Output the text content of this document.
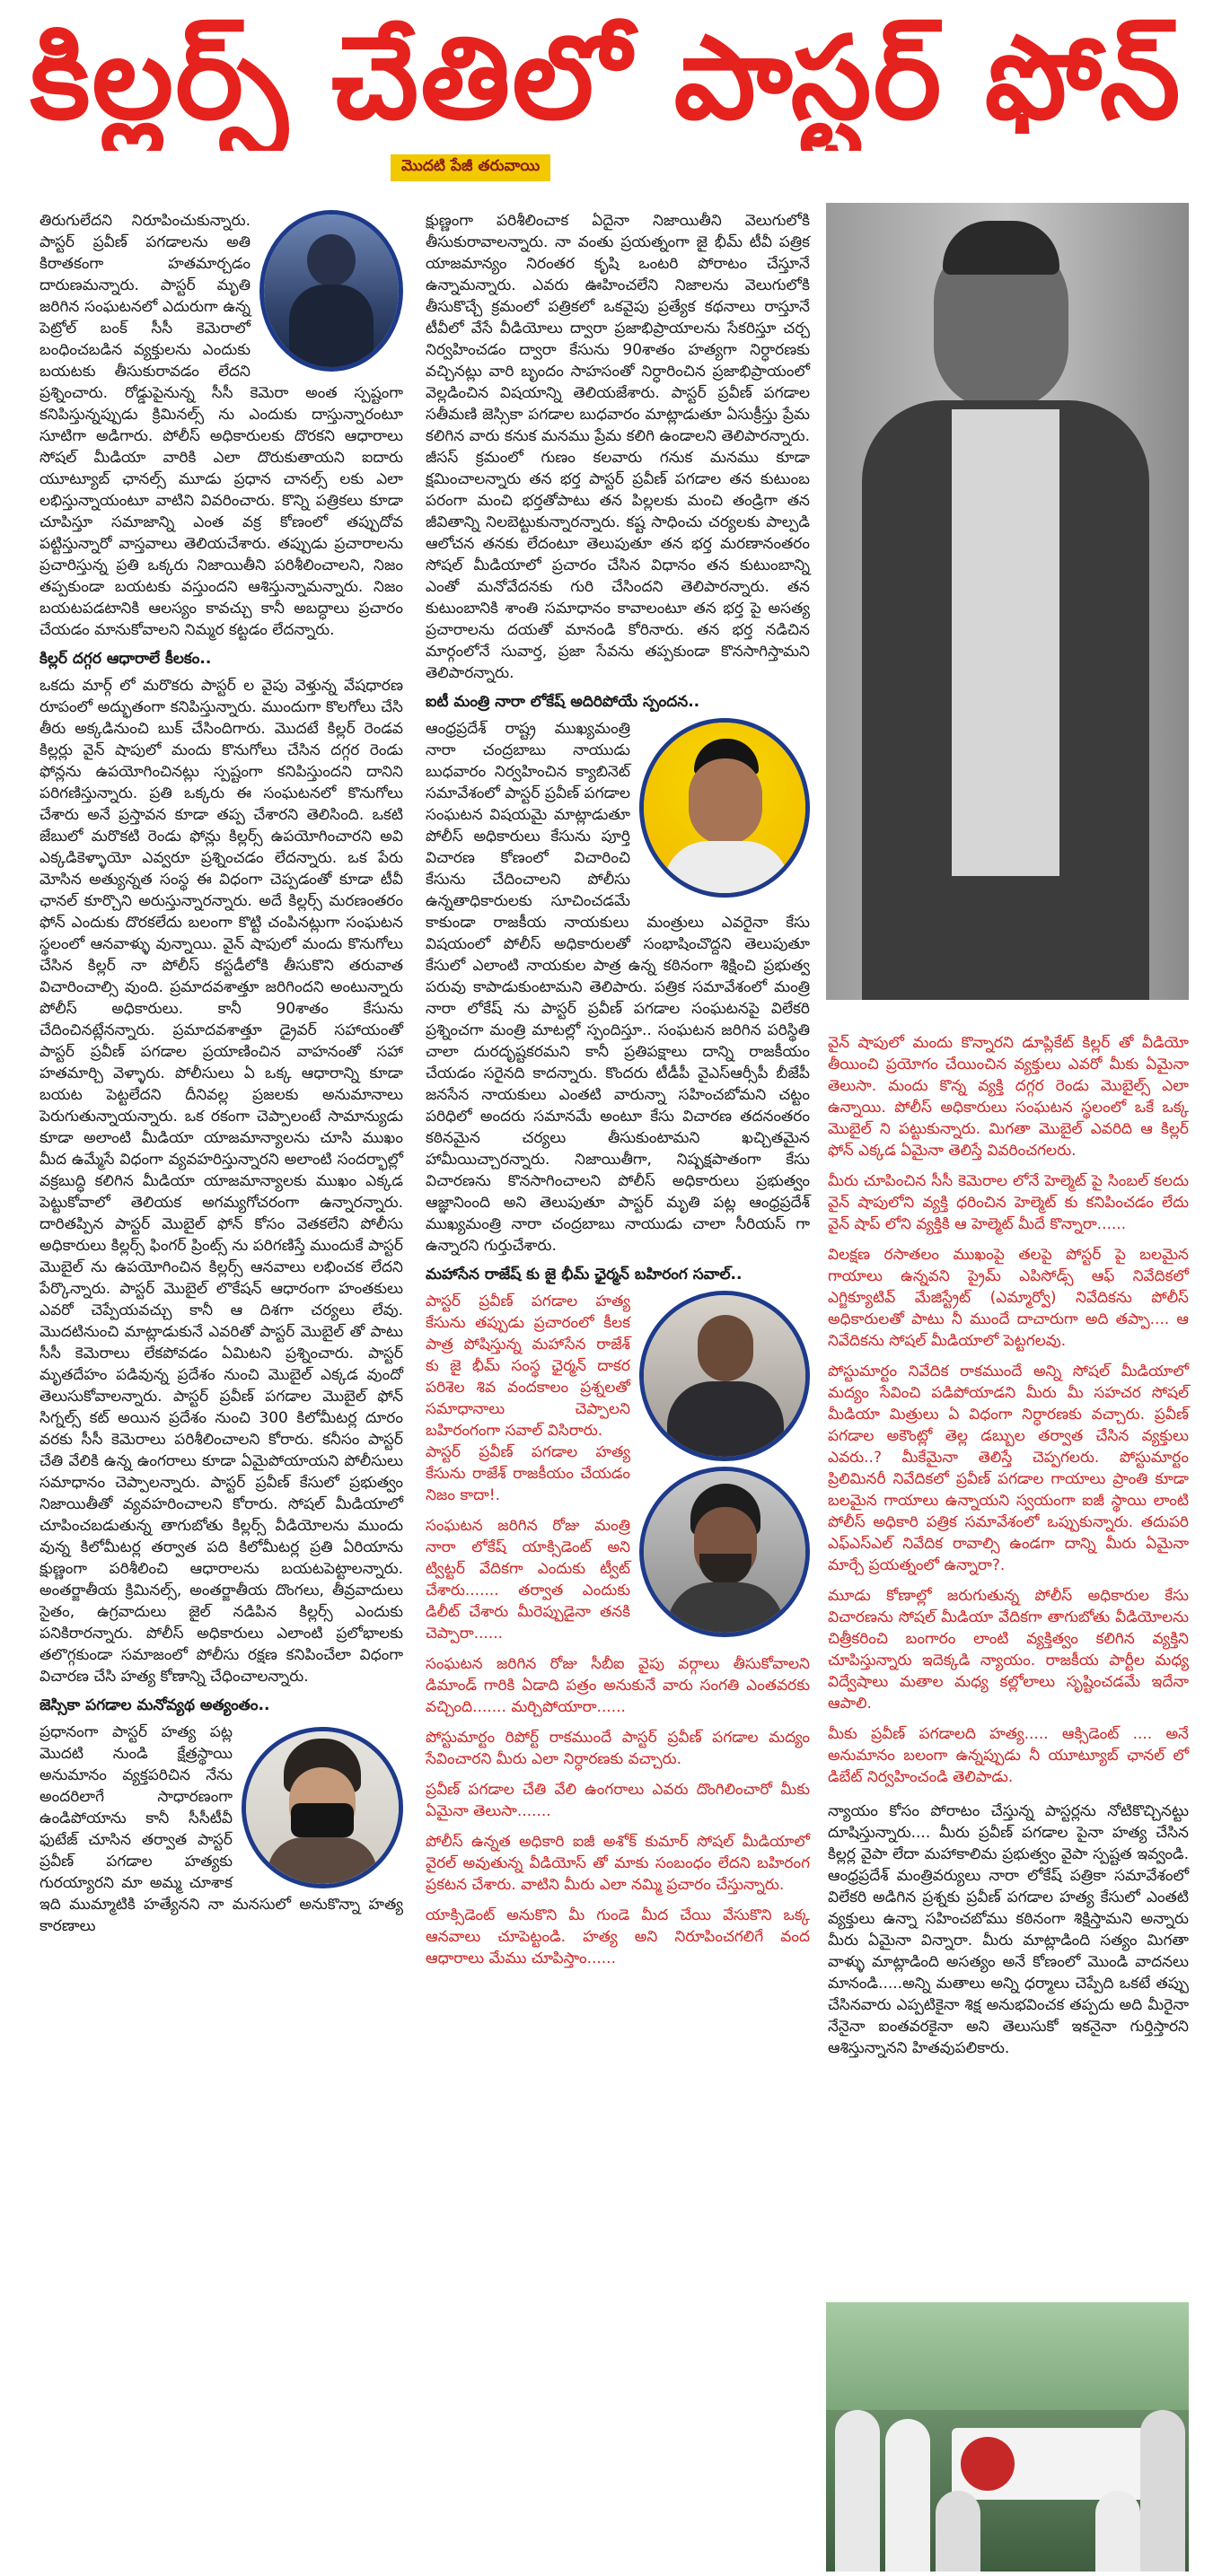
కిల్లర్స్ చేతిలో పాస్టర్ ఫోన్
మొదటి పేజీ తరువాయి

తిరుగులేదని నిరూపించుకున్నారు. పాస్టర్ ప్రవీణ్ పగడాలను అతి కిరాతకంగా హతమార్చడం దారుణమన్నారు. పాస్టర్ మృతి జరిగిన సంఘటనలో ఎదురుగా ఉన్న పెట్రోల్ బంక్ సీసీ కెమెరాలో బంధించబడిన వ్యక్తులను ఎందుకు బయటకు తీసుకురావడం లేదని ప్రశ్నించారు. రోడ్డుపైనున్న సీసీ కెమెరా అంత స్పష్టంగా కనిపిస్తున్నప్పుడు క్రిమినల్స్ ను ఎందుకు దాస్తున్నారంటూ సూటిగా అడిగారు. పోలీస్ అధికారులకు దొరకని ఆధారాలు సోషల్ మీడియా వారికి ఎలా దొరుకుతాయని ఐదారు యూట్యూబ్ ఛానల్స్ మూడు ప్రధాన చానల్స్ లకు ఎలా లభిస్తున్నాయంటూ వాటిని వివరించారు. కొన్ని పత్రికలు కూడా చూపిస్తూ సమాజాన్ని ఎంత వక్ర కోణంలో తప్పుదోవ పట్టిస్తున్నారో వాస్తవాలు తెలియచేశారు. తప్పుడు ప్రచారాలను ప్రచారిస్తున్న ప్రతి ఒక్కరు నిజాయితీని పరిశీలించాలని, నిజం తప్పకుండా బయటకు వస్తుందని ఆశిస్తున్నామన్నారు. నిజం బయటపడటానికి ఆలస్యం కావచ్చు కానీ అబద్ధాలు ప్రచారం చేయడం మానుకోవాలని నిమ్మర కట్టడం లేదన్నారు.

కిల్లర్ దగ్గర ఆధారాలే కీలకం..

ఒకదు మార్గ్ లో మరొకరు పాస్టర్ ల వైపు వెళ్తున్న వేషధారణ రూపంలో అద్భుతంగా కనిపిస్తున్నారు. ముందుగా కొలగోలు చేసి తీరు అక్కడినుంచి బుక్ చేసిందిగారు. మొదటే కిల్లర్ రెండవ కిల్లర్లు వైన్ షాపులో మందు కొనుగోలు చేసిన దగ్గర రెండు ఫోన్లను ఉపయోగించినట్లు స్పష్టంగా కనిపిస్తుందని దానిని పరిగణిస్తున్నారు. ప్రతి ఒక్కరు ఈ సంఘటనలో కొనుగోలు చేశారు అనే ప్రస్తావన కూడా తప్ప చేశారని తెలిసింది. ఒకటి జేబులో మరొకటి రెండు ఫోన్లు కిల్లర్స్ ఉపయోగించారని అవి ఎక్కడికెళ్ళాయో ఎవ్వరూ ప్రశ్నించడం లేదన్నారు. ఒక పేరు మోసిన అత్యున్నత సంస్థ ఈ విధంగా చెప్పడంతో కూడా టీవీ ఛానల్ కూర్చొని అరుస్తున్నారన్నారు. అదే కిల్లర్స్ మరణంతరం ఫోన్ ఎందుకు దొరకలేదు బలంగా కొట్టి చంపినట్లుగా సంఘటన స్థలంలో ఆనవాళ్ళు వున్నాయి. వైన్ షాపులో మందు కొనుగోలు చేసిన కిల్లర్ నా పోలీస్ కస్టడీలోకి తీసుకొని తరువాత విచారించాల్సి వుంది. ప్రమాదవశాత్తూ జరిగిందని అంటున్నారు పోలీస్ అధికారులు. కానీ 90శాతం కేసును చేదించినట్లేనన్నారు. ప్రమాదవశాత్తూ డ్రైవర్ సహాయంతో పాస్టర్ ప్రవీణ్ పగడాల ప్రయాణించిన వాహనంతో సహా హతమార్చి వెళ్ళారు. పోలీసులు ఏ ఒక్క ఆధారాన్ని కూడా బయట పెట్టలేదని దీనివల్ల ప్రజలకు అనుమానాలు పెరుగుతున్నాయన్నారు. ఒక రకంగా చెప్పాలంటే సామాన్యుడు కూడా అలాంటి మీడియా యాజమాన్యాలను చూసి ముఖం మీద ఉమ్మేసే విధంగా వ్యవహరిస్తున్నారని అలాంటి సందర్భాల్లో వక్రబుద్ధి కలిగిన మీడియా యాజమాన్యాలకు ముఖం ఎక్కడ పెట్టుకోవాలో తెలియక అగమ్యగోచరంగా ఉన్నారన్నారు. దారితప్పిన పాస్టర్ మొబైల్ ఫోన్ కోసం వెతకలేని పోలీసు అధికారులు కిల్లర్స్ ఫింగర్ ప్రింట్స్ ను పరిగణిస్తే ముందుకే పాస్టర్ మొబైల్ ను ఉపయోగించిన కిల్లర్స్ ఆనవాలు లభించక లేదని పేర్కొన్నారు. పాస్టర్ మొబైల్ లొకేషన్ ఆధారంగా హంతకులు ఎవరో చెప్పేయవచ్చు కానీ ఆ దిశగా చర్యలు లేవు. మొదటినుంచి మాట్లాడుకునే ఎవరితో పాస్టర్ మొబైల్ తో పాటు సీసీ కెమెరాలు లేకపోవడం ఏమిటని ప్రశ్నించారు. పాస్టర్ మృతదేహం పడివున్న ప్రదేశం నుంచి మొబైల్ ఎక్కడ వుందో తెలుసుకోవాలన్నారు. పాస్టర్ ప్రవీణ్ పగడాల మొబైల్ ఫోన్ సిగ్నల్స్ కట్ అయిన ప్రదేశం నుంచి 300 కిలోమీటర్ల దూరం వరకు సీసీ కెమెరాలు పరిశీలించాలని కోరారు. కనీసం పాస్టర్ చేతి వేలికి ఉన్న ఉంగరాలు కూడా ఏమైపోయాయని పోలీసులు సమాధానం చెప్పాలన్నారు. పాస్టర్ ప్రవీణ్ కేసులో ప్రభుత్వం నిజాయితీతో వ్యవహరించాలని కోరారు. సోషల్ మీడియాలో చూపించబడుతున్న తాగుబోతు కిల్లర్స్ వీడియోలను ముందు వున్న కిలోమీటర్ల తర్వాత పది కిలోమీటర్ల ప్రతి ఏరియాను క్షుణ్ణంగా పరిశీలించి ఆధారాలను బయటపెట్టాలన్నారు. అంతర్జాతీయ క్రిమినల్స్, అంతర్జాతీయ దొంగలు, తీవ్రవాదులు సైతం, ఉగ్రవాదులు జైల్ నడిపిన కిల్లర్స్ ఎందుకు పనికిరారన్నారు. పోలీస్ అధికారులు ఎలాంటి ప్రలోభాలకు తలొగ్గకుండా సమాజంలో పోలీసు రక్షణ కనిపించేలా విధంగా విచారణ చేసి హత్య కోణాన్ని చేధించాలన్నారు.

జెస్సికా పగడాల మనోవ్యథ అత్యంతం..

ప్రధానంగా పాస్టర్ హత్య పట్ల మొదటి నుండి క్షేత్రస్థాయి అనుమానం వ్యక్తపరిచిన నేను అందరిలాగే సాధారణంగా ఉండిపోయాను కానీ సీసీటీవీ ఫుటేజ్ చూసిన తర్వాత పాస్టర్ ప్రవీణ్ పగడాల హత్యకు గురయ్యారని మా అమ్మ చూశాక ఇది ముమ్మాటికి హత్యేనని నా మనసులో అనుకొన్నా హత్య కారణాలు

క్షుణ్ణంగా పరిశీలించాక ఏదైనా నిజాయితీని వెలుగులోకి తీసుకురావాలన్నారు. నా వంతు ప్రయత్నంగా జై భీమ్ టీవీ పత్రిక యాజమాన్యం నిరంతర కృషి ఒంటరి పోరాటం చేస్తూనే ఉన్నామన్నారు. ఎవరు ఊహించలేని నిజాలను వెలుగులోకి తీసుకొచ్చే క్రమంలో పత్రికలో ఒకవైపు ప్రత్యేక కథనాలు రాస్తూనే టీవీలో వేసే వీడియోలు ద్వారా ప్రజాభిప్రాయాలను సేకరిస్తూ చర్చ నిర్వహించడం ద్వారా కేసును 90శాతం హత్యగా నిర్ధారణకు వచ్చినట్లు వారి బృందం సాహసంతో నిర్ధారించిన ప్రజాభిప్రాయంలో వెల్లడించిన విషయాన్ని తెలియజేశారు. పాస్టర్ ప్రవీణ్ పగడాల సతీమణి జెస్సికా పగడాల బుధవారం మాట్లాడుతూ ఏసుక్రీస్తు ప్రేమ కలిగిన వారు కనుక మనము ప్రేమ కలిగి ఉండాలని తెలిపారన్నారు. జీసస్ క్రమంలో గుణం కలవారు గనుక మనము కూడా క్షమించాలన్నారు తన భర్త పాస్టర్ ప్రవీణ్ పగడాల తన కుటుంబ పరంగా మంచి భర్తతోపాటు తన పిల్లలకు మంచి తండ్రిగా తన జీవితాన్ని నిలబెట్టుకున్నారన్నారు. కష్ట సాధించు చర్యలకు పాల్పడి ఆలోచన తనకు లేదంటూ తెలుపుతూ తన భర్త మరణానంతరం సోషల్ మీడియాలో ప్రచారం చేసిన విధానం తన కుటుంబాన్ని ఎంతో మనోవేదనకు గురి చేసిందని తెలిపారన్నారు. తన కుటుంబానికి శాంతి సమాధానం కావాలంటూ తన భర్త పై అసత్య ప్రచారాలను దయతో మానండి కోరినారు. తన భర్త నడిచిన మార్గంలోనే సువార్త, ప్రజా సేవను తప్పకుండా కొనసాగిస్తామని తెలిపారన్నారు.

ఐటీ మంత్రి నారా లోకేష్ అదిరిపోయే స్పందన..

ఆంధ్రప్రదేశ్ రాష్ట్ర ముఖ్యమంత్రి నారా చంద్రబాబు నాయుడు బుధవారం నిర్వహించిన క్యాబినెట్ సమావేశంలో పాస్టర్ ప్రవీణ్ పగడాల సంఘటన విషయమై మాట్లాడుతూ పోలీస్ అధికారులు కేసును పూర్తి విచారణ కోణంలో విచారించి కేసును చేదించాలని పోలీసు ఉన్నతాధికారులకు సూచించడమే కాకుండా రాజకీయ నాయకులు మంత్రులు ఎవరైనా కేసు విషయంలో పోలీస్ అధికారులతో సంభాషించొద్దని తెలుపుతూ కేసులో ఎలాంటి నాయకుల పాత్ర ఉన్న కఠినంగా శిక్షించి ప్రభుత్వ పరువు కాపాడుకుంటామని తెలిపారు. పత్రిక సమావేశంలో మంత్రి నారా లోకేష్ ను పాస్టర్ ప్రవీణ్ పగడాల సంఘటనపై విలేకరి ప్రశ్నించగా మంత్రి మాటల్లో స్పందిస్తూ.. సంఘటన జరిగిన పరిస్థితి చాలా దురదృష్టకరమని కానీ ప్రతిపక్షాలు దాన్ని రాజకీయం చేయడం సరైనది కాదన్నారు. కొందరు టీడీపీ వైఎస్ఆర్సీపీ బీజేపీ జనసేన నాయకులు ఎంతటి వారున్నా సహించబోమని చట్టం పరిధిలో అందరు సమానమే అంటూ కేసు విచారణ తదనంతరం కఠినమైన చర్యలు తీసుకుంటామని ఖచ్చితమైన హామీయిచ్చారన్నారు. నిజాయితీగా, నిష్పక్షపాతంగా కేసు విచారణను కొనసాగించాలని పోలీస్ అధికారులు ప్రభుత్వం ఆజ్ఞానింంది అని తెలుపుతూ పాస్టర్ మృతి పట్ల ఆంధ్రప్రదేశ్ ముఖ్యమంత్రి నారా చంద్రబాబు నాయుడు చాలా సీరియస్ గా ఉన్నారని గుర్తుచేశారు.

మహాసేన రాజేష్ కు జై భీమ్ ఛైర్మన్ బహిరంగ సవాల్..

పాస్టర్ ప్రవీణ్ పగడాల హత్య కేసును తప్పుడు ప్రచారంలో కీలక పాత్ర పోషిస్తున్న మహాసేన రాజేశ్ కు జై భీమ్ సంస్థ ఛైర్మన్ దాకర పరిశెల శివ వందకాలం ప్రశ్నలతో సమాధానాలు చెప్పాలని బహిరంగంగా సవాల్ విసిరారు.

పాస్టర్ ప్రవీణ్ పగడాల హత్య కేసును రాజేశ్ రాజకీయం చేయడం నిజం కాదా!.

సంఘటన జరిగిన రోజు మంత్రి నారా లోకేష్ యాక్సిడెంట్ అని ట్విట్టర్ వేదికగా ఎందుకు ట్వీట్ చేశారు....... తర్వాత ఎందుకు డిలీట్ చేశారు మీరెప్పుడైనా తనకి చెప్పారా......

సంఘటన జరిగిన రోజు సీబీఐ వైపు వర్గాలు తీసుకోవాలని డిమాండ్ గారికి ఏడాది పత్రం అనుకునే వారు సంగతి ఎంతవరకు వచ్చింది....... మర్చిపోయారా......

పోస్టుమార్టం రిపోర్ట్ రాకముందే పాస్టర్ ప్రవీణ్ పగడాల మద్యం సేవించారని మీరు ఎలా నిర్ధారణకు వచ్చారు.

ప్రవీణ్ పగడాల చేతి వేలి ఉంగరాలు ఎవరు దొంగిలించారో మీకు ఏమైనా తెలుసా.......

పోలీస్ ఉన్నత అధికారి ఐజీ అశోక్ కుమార్ సోషల్ మీడియాలో వైరల్ అవుతున్న వీడియోస్ తో మాకు సంబంధం లేదని బహిరంగ ప్రకటన చేశారు. వాటిని మీరు ఎలా నమ్మి ప్రచారం చేస్తున్నారు.

యాక్సిడెంట్ అనుకొని మీ గుండె మీద చేయి వేసుకొని ఒక్క ఆనవాలు చూపెట్టండి. హత్య అని నిరూపించగలిగే వంద ఆధారాలు మేము చూపిస్తాం......

వైన్ షాపులో మందు కొన్నారని డూప్లికేట్ కిల్లర్ తో వీడియో తీయించి ప్రయోగం చేయించిన వ్యక్తులు ఎవరో మీకు ఏమైనా తెలుసా. మందు కొన్న వ్యక్తి దగ్గర రెండు మొబైల్స్ ఎలా ఉన్నాయి. పోలీస్ అధికారులు సంఘటన స్థలంలో ఒకే ఒక్క మొబైల్ ని పట్టుకున్నారు. మిగతా మొబైల్ ఎవరిది ఆ కిల్లర్ ఫోన్ ఎక్కడ ఏమైనా తెలిస్తే వివరించగలరు.

మీరు చూపించిన సీసీ కెమెరాల లోనే హెల్మెట్ పై సింబల్ కలదు వైన్ షాపులోని వ్యక్తి ధరించిన హెల్మెట్ కు కనిపించడం లేదు వైన్ షాప్ లోని వ్యక్తికి ఆ హెల్మెట్ మీదే కొన్నారా......

విలక్షణ రసాతలం ముఖంపై తలపై పోస్టర్ పై బలమైన గాయాలు ఉన్నవని ప్రైమ్ ఎపిసోడ్స్ ఆఫ్ నివేదికలో ఎగ్జిక్యూటివ్ మేజిస్ట్రేట్ (ఎమ్మార్వో) నివేదికను పోలీస్ అధికారులతో పాటు నీ ముందే దాచారుగా అది తప్పా.... ఆ నివేదికను సోషల్ మీడియాలో పెట్టగలవు.

పోస్టుమార్టం నివేదిక రాకముందే అన్ని సోషల్ మీడియాలో మద్యం సేవించి పడిపోయాడని మీరు మీ సహచర సోషల్ మీడియా మిత్రులు ఏ విధంగా నిర్ధారణకు వచ్చారు. ప్రవీణ్ పగడాల అకౌంట్లో తెల్ల డబ్బుల తర్వాత చేసిన వ్యక్తులు ఎవరు..? మీకేమైనా తెలిస్తే చెప్పగలరు. పోస్టుమార్టం ప్రిలిమినరీ నివేదికలో ప్రవీణ్ పగడాల గాయాలు ప్రాంతి కూడా బలమైన గాయాలు ఉన్నాయని స్వయంగా ఐజీ స్థాయి లాంటి పోలీస్ అధికారి పత్రిక సమావేశంలో ఒప్పుకున్నారు. తదుపరి ఎఫ్ఎస్ఎల్ నివేదిక రావాల్సి ఉండగా దాన్ని మీరు ఏమైనా మార్చే ప్రయత్నంలో ఉన్నారా?.

మూడు కోణాల్లో జరుగుతున్న పోలీస్ అధికారుల కేసు విచారణను సోషల్ మీడియా వేదికగా తాగుబోతు వీడియోలను చిత్రీకరించి బంగారం లాంటి వ్యక్తిత్వం కలిగిన వ్యక్తిని చూపిస్తున్నారు ఇదెక్కడి న్యాయం. రాజకీయ పార్టీల మధ్య విద్వేషాలు మతాల మధ్య కల్లోలాలు సృష్టించడమే ఇదేనా ఆపాలి.

మీకు ప్రవీణ్ పగడాలది హత్య..... ఆక్సిడెంట్ .... అనే అనుమానం బలంగా ఉన్నప్పుడు నీ యూట్యూబ్ ఛానల్ లో డిబేట్ నిర్వహించండి తెలిపాడు.

న్యాయం కోసం పోరాటం చేస్తున్న పాస్టర్లను నోటికొచ్చినట్టు దూషిస్తున్నారు.... మీరు ప్రవీణ్ పగడాల పైనా హత్య చేసిన కిల్లర్ల వైపా లేదా మహాకాలిమ ప్రభుత్వం వైపా స్పష్టత ఇవ్వండి. ఆంధ్రప్రదేశ్ మంత్రివర్యులు నారా లోకేష్ పత్రికా సమావేశంలో విలేకరి అడిగిన ప్రశ్నకు ప్రవీణ్ పగడాల హత్య కేసులో ఎంతటి వ్యక్తులు ఉన్నా సహించబోము కఠినంగా శిక్షిస్తామని అన్నారు మీరు ఏమైనా విన్నారా. మీరు మాట్లాడింది సత్యం మిగతా వాళ్ళు మాట్లాడింది అసత్యం అనే కోణంలో మొండి వాదనలు మానండి.....అన్ని మతాలు అన్ని ధర్మాలు చెప్పేది ఒకటే తప్పు చేసినవారు ఎప్పటికైనా శిక్ష అనుభవించక తప్పదు అది మీరైనా నేనైనా ఐంతవరకైనా అని తెలుసుకో ఇకనైనా గుర్తిస్తారని ఆశిస్తున్నానని హితవుపలికారు.
